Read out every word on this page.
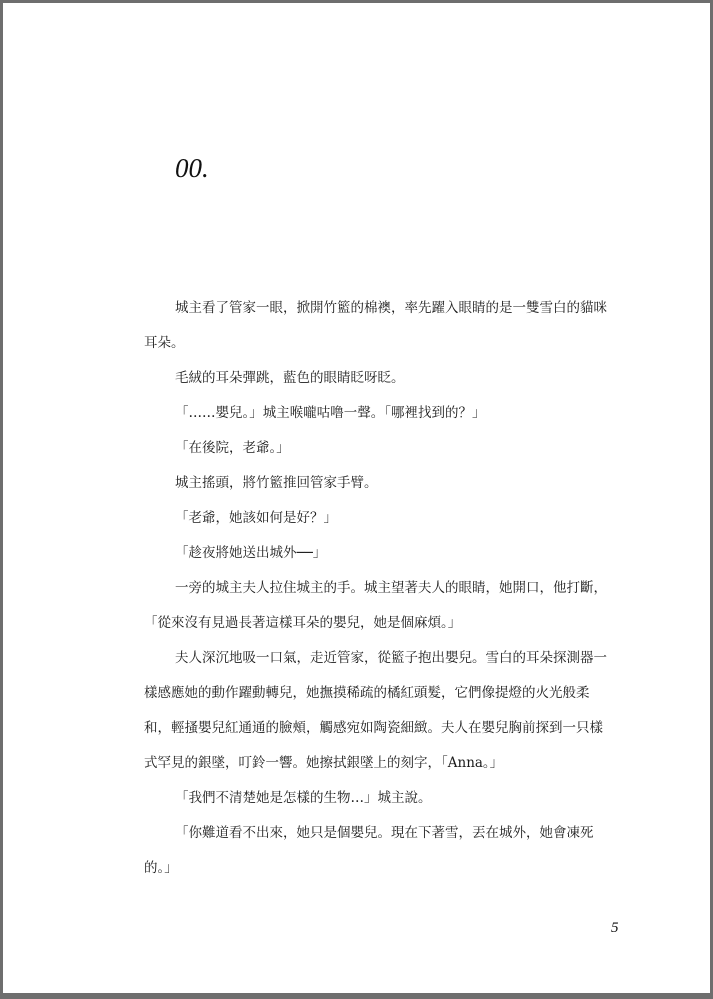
00.

城主看了管家一眼，掀開竹籃的棉襖，率先躍入眼睛的是一雙雪白的貓咪耳朵。

毛絨的耳朵彈跳，藍色的眼睛眨呀眨。

「……嬰兒。」城主喉嚨咕噜一聲。「哪裡找到的？」

「在後院，老爺。」

城主搖頭，將竹籃推回管家手臂。

「老爺，她該如何是好？」

「趁夜將她送出城外──」

一旁的城主夫人拉住城主的手。城主望著夫人的眼睛，她開口，他打斷，「從來沒有見過長著這樣耳朵的嬰兒，她是個麻煩。」

夫人深沉地吸一口氣，走近管家，從籃子抱出嬰兒。雪白的耳朵探測器一樣感應她的動作躍動轉兒，她撫摸稀疏的橘紅頭髮，它們像提燈的火光般柔和，輕搔嬰兒紅通通的臉頰，觸感宛如陶瓷細緻。夫人在嬰兒胸前探到一只樣式罕見的銀墜，叮鈴一響。她擦拭銀墜上的刻字，「Anna。」

「我們不清楚她是怎樣的生物…」城主說。

「你難道看不出來，她只是個嬰兒。現在下著雪，丟在城外，她會凍死的。」

5
